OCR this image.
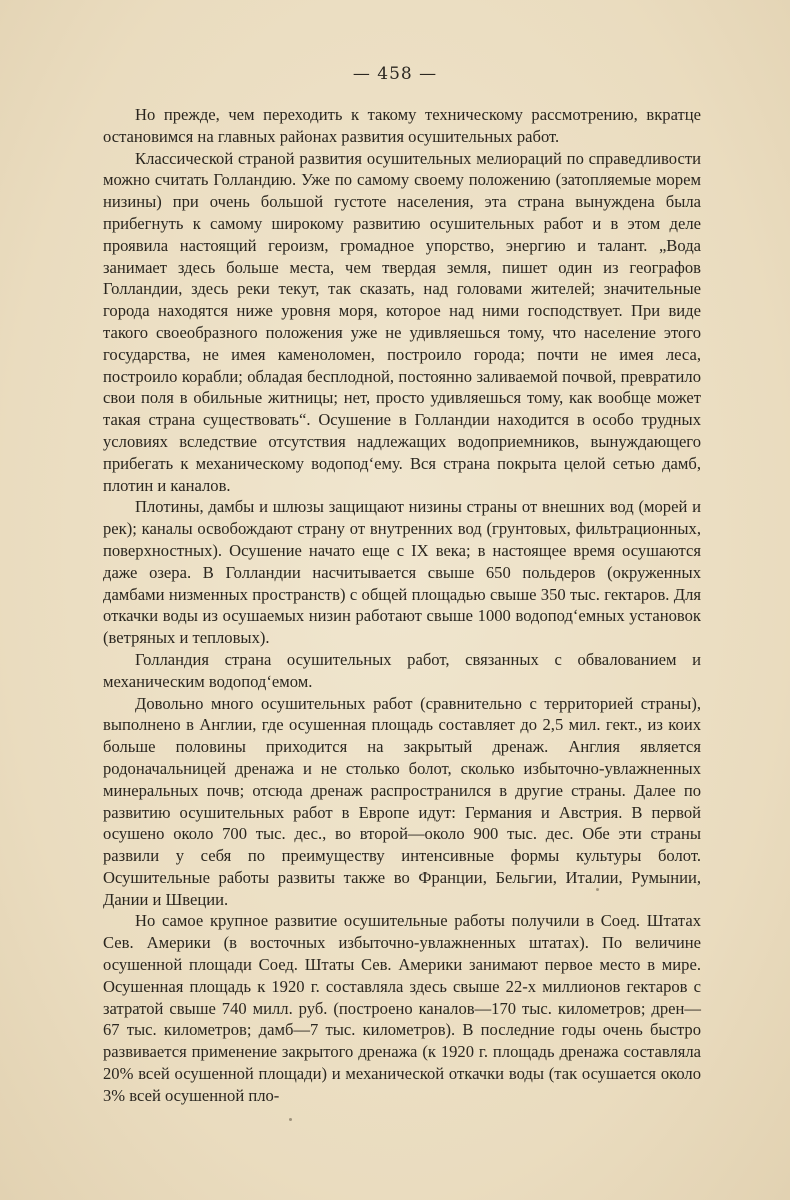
— 458 —

Но прежде, чем переходить к такому техническому рассмотрению, вкратце остановимся на главных районах развития осушительных работ.

Классической страной развития осушительных мелиораций по справедливости можно считать Голландию. Уже по самому своему положению (затопляемые морем низины) при очень большой густоте населения, эта страна вынуждена была прибегнуть к самому широкому развитию осушительных работ и в этом деле проявила настоящий героизм, громадное упорство, энергию и талант. „Вода занимает здесь больше места, чем твердая земля, пишет один из географов Голландии, здесь реки текут, так сказать, над головами жителей; значительные города находятся ниже уровня моря, которое над ними господствует. При виде такого своеобразного положения уже не удивляешься тому, что население этого государства, не имея каменоломен, построило города; почти не имея леса, построило корабли; обладая бесплодной, постоянно заливаемой почвой, превратило свои поля в обильные житницы; нет, просто удивляешься тому, как вообще может такая страна существовать“. Осушение в Голландии находится в особо трудных условиях вследствие отсутствия надлежащих водоприемников, вынуждающего прибегать к механическому водопод‘ему. Вся страна покрыта целой сетью дамб, плотин и каналов.

Плотины, дамбы и шлюзы защищают низины страны от внешних вод (морей и рек); каналы освобождают страну от внутренних вод (грунтовых, фильтрационных, поверхностных). Осушение начато еще с IX века; в настоящее время осушаются даже озера. В Голландии насчитывается свыше 650 польдеров (окруженных дамбами низменных пространств) с общей площадью свыше 350 тыс. гектаров. Для откачки воды из осушаемых низин работают свыше 1000 водопод‘емных установок (ветряных и тепловых).

Голландия страна осушительных работ, связанных с обвалованием и механическим водопод‘емом.

Довольно много осушительных работ (сравнительно с территорией страны), выполнено в Англии, где осушенная площадь составляет до 2,5 мил. гект., из коих больше половины приходится на закрытый дренаж. Англия является родоначальницей дренажа и не столько болот, сколько избыточно-увлажненных минеральных почв; отсюда дренаж распространился в другие страны. Далее по развитию осушительных работ в Европе идут: Германия и Австрия. В первой осушено около 700 тыс. дес., во второй—около 900 тыс. дес. Обе эти страны развили у себя по преимуществу интенсивные формы культуры болот. Осушительные работы развиты также во Франции, Бельгии, Италии, Румынии, Дании и Швеции.

Но самое крупное развитие осушительные работы получили в Соед. Штатах Сев. Америки (в восточных избыточно-увлажненных штатах). По величине осушенной площади Соед. Штаты Сев. Америки занимают первое место в мире. Осушенная площадь к 1920 г. составляла здесь свыше 22-х миллионов гектаров с затратой свыше 740 милл. руб. (построено каналов—170 тыс. километров; дрен—67 тыс. километров; дамб—7 тыс. километров). В последние годы очень быстро развивается применение закрытого дренажа (к 1920 г. площадь дренажа составляла 20% всей осушенной площади) и механической откачки воды (так осушается около 3% всей осушенной пло-
